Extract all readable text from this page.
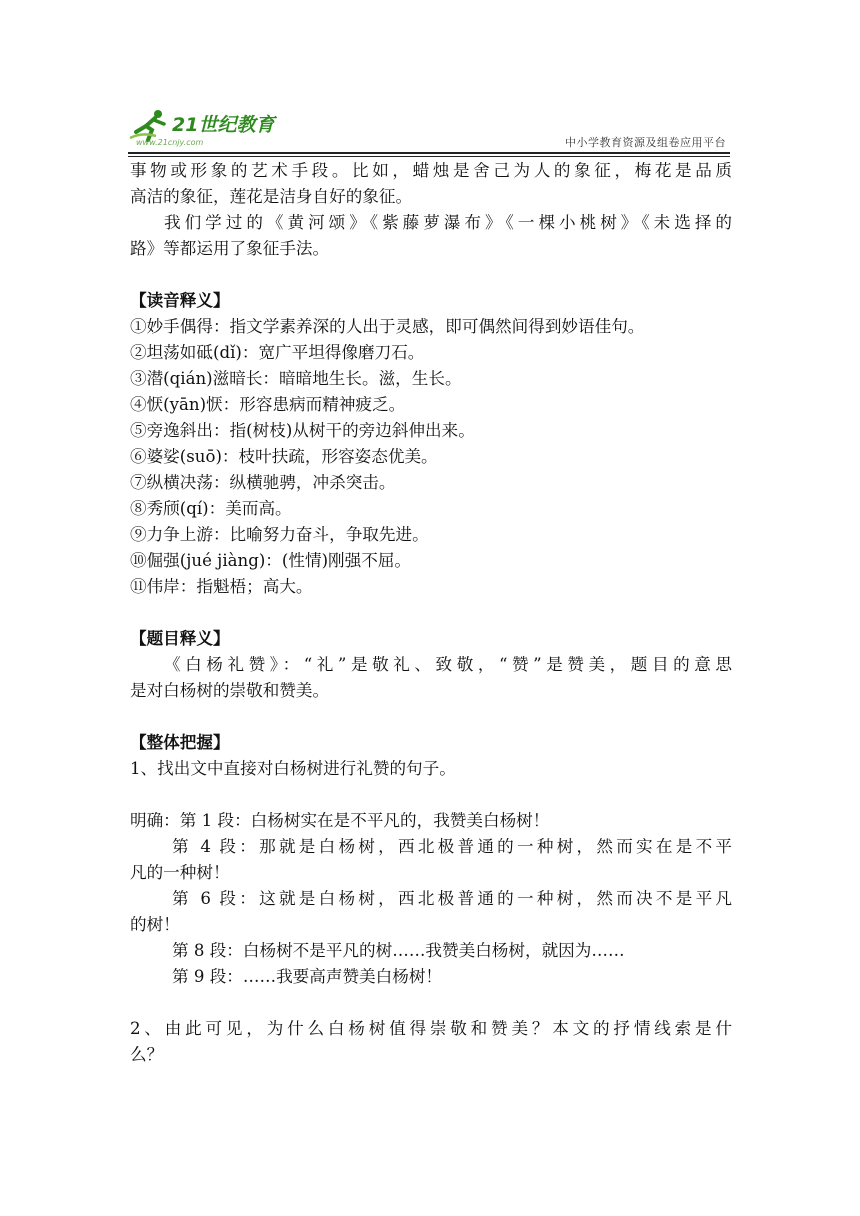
21世纪教育
www.21cnjy.com	中小学教育资源及组卷应用平台
事物或形象的艺术手段。比如，蜡烛是舍己为人的象征，梅花是品质
高洁的象征，莲花是洁身自好的象征。
我们学过的《黄河颂》《紫藤萝瀑布》《一棵小桃树》《未选择的
路》等都运用了象征手法。
【读音释义】
①妙手偶得：指文学素养深的人出于灵感，即可偶然间得到妙语佳句。
②坦荡如砥(dǐ)：宽广平坦得像磨刀石。
③潜(qián)滋暗长：暗暗地生长。滋，生长。
④恹(yān)恹：形容患病而精神疲乏。
⑤旁逸斜出：指(树枝)从树干的旁边斜伸出来。
⑥婆娑(suō)：枝叶扶疏，形容姿态优美。
⑦纵横决荡：纵横驰骋，冲杀突击。
⑧秀颀(qí)：美而高。
⑨力争上游：比喻努力奋斗，争取先进。
⑩倔强(jué jiàng)：(性情)刚强不屈。
⑪伟岸：指魁梧；高大。
【题目释义】
《白杨礼赞》：“礼”是敬礼、致敬，“赞”是赞美，题目的意思
是对白杨树的崇敬和赞美。
【整体把握】
1、找出文中直接对白杨树进行礼赞的句子。
明确：第 1 段：白杨树实在是不平凡的，我赞美白杨树！
第 4 段：那就是白杨树，西北极普通的一种树，然而实在是不平
凡的一种树！
第 6 段：这就是白杨树，西北极普通的一种树，然而决不是平凡
的树！
第 8 段：白杨树不是平凡的树……我赞美白杨树，就因为……
第 9 段：……我要高声赞美白杨树！
2、由此可见，为什么白杨树值得崇敬和赞美？本文的抒情线索是什
么？
